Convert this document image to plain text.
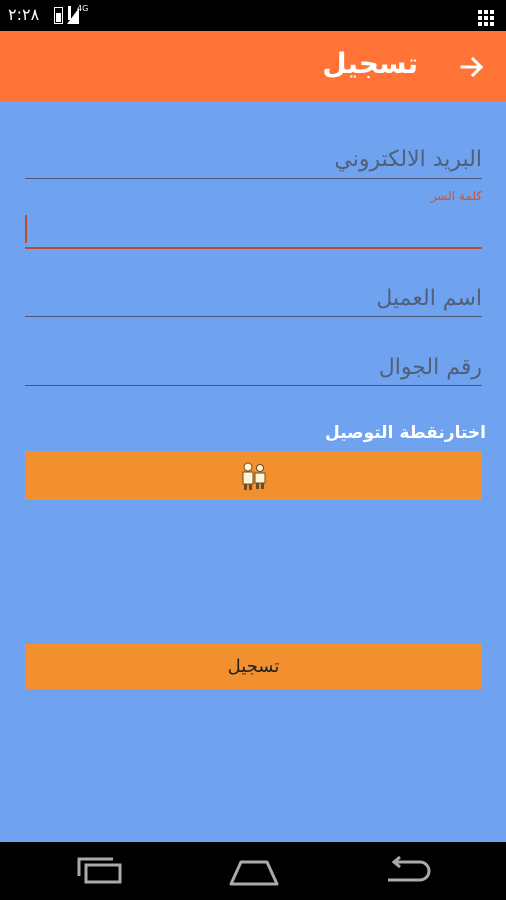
٢:٢٨	4G
تسجيل
البريد الالكتروني
كلمة السر
اسم العميل
رقم الجوال
اختارنقطة التوصيل
تسجيل
